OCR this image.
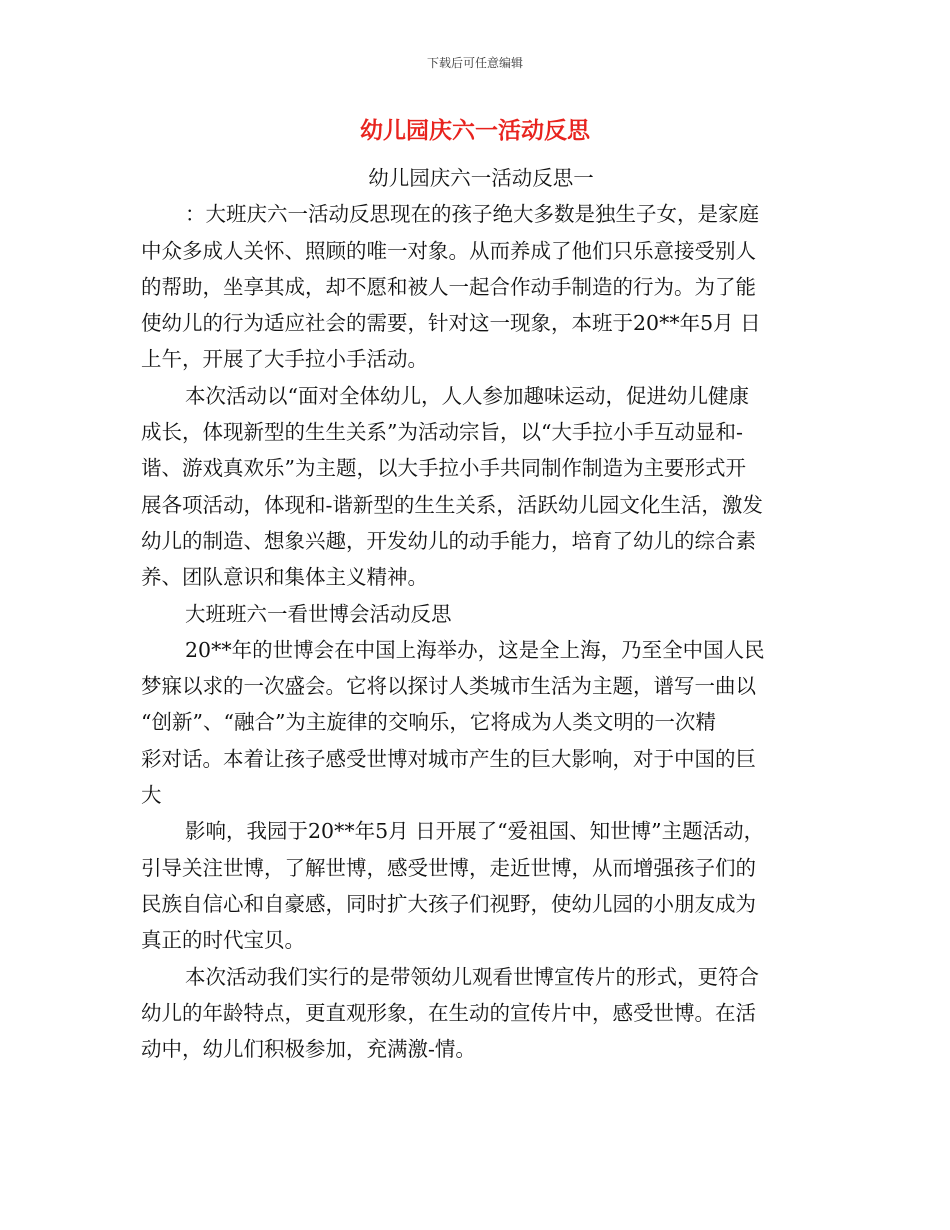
下载后可任意编辑
幼儿园庆六一活动反思
幼儿园庆六一活动反思一
：大班庆六一活动反思现在的孩子绝大多数是独生子女，是家庭
中众多成人关怀、照顾的唯一对象。从而养成了他们只乐意接受别人
的帮助，坐享其成，却不愿和被人一起合作动手制造的行为。为了能
使幼儿的行为适应社会的需要，针对这一现象，本班于20**年5月 日
上午，开展了大手拉小手活动。
本次活动以“面对全体幼儿，人人参加趣味运动，促进幼儿健康
成长，体现新型的生生关系”为活动宗旨，以“大手拉小手互动显和-
谐、游戏真欢乐”为主题，以大手拉小手共同制作制造为主要形式开
展各项活动，体现和-谐新型的生生关系，活跃幼儿园文化生活，激发
幼儿的制造、想象兴趣，开发幼儿的动手能力，培育了幼儿的综合素
养、团队意识和集体主义精神。
大班班六一看世博会活动反思
20**年的世博会在中国上海举办，这是全上海，乃至全中国人民
梦寐以求的一次盛会。它将以探讨人类城市生活为主题，谱写一曲以
“创新”、“融合”为主旋律的交响乐，它将成为人类文明的一次精
彩对话。本着让孩子感受世博对城市产生的巨大影响，对于中国的巨
大
影响，我园于20**年5月 日开展了“爱祖国、知世博”主题活动，
引导关注世博，了解世博，感受世博，走近世博，从而增强孩子们的
民族自信心和自豪感，同时扩大孩子们视野，使幼儿园的小朋友成为
真正的时代宝贝。
本次活动我们实行的是带领幼儿观看世博宣传片的形式，更符合
幼儿的年龄特点，更直观形象，在生动的宣传片中，感受世博。在活
动中，幼儿们积极参加，充满激-情。
